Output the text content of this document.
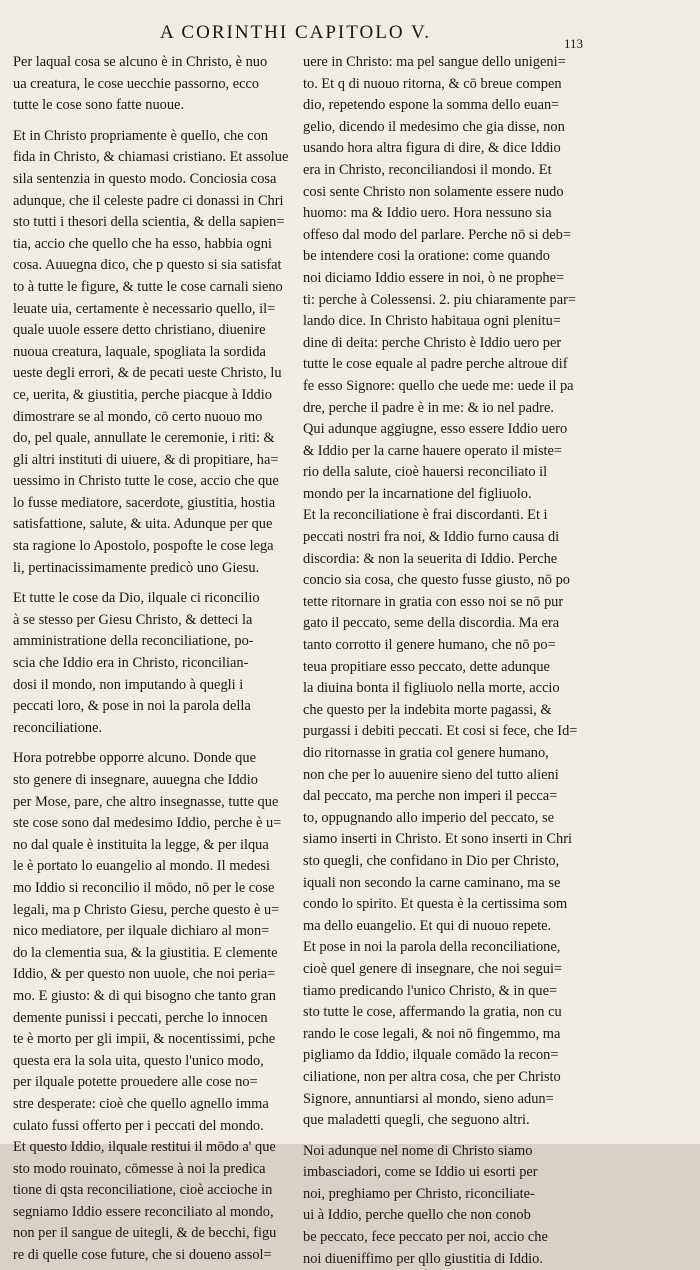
A CORINTHI CAPITOLO V.
113

Per laqual cosa se alcuno è in Christo, è nuo
ua creatura, le cose uecchie passorno, ecco
tutte le cose sono fatte nuoue.

Et in Christo propriamente è quello, che con
fida in Christo, & chiamasi cristiano. Et assolue
sila sentenzia in questo modo. Conciosia cosa
adunque, che il celeste padre ci donassi in Chri
sto tutti i thesori della scientia, & della sapien=
tia, accio che quello che ha esso, habbia ogni
cosa. Auuegna dico, che p questo si sia satisfat
to à tutte le figure, & tutte le cose carnali sieno
leuate uia, certamente è necessario quello, il=
quale uuole essere detto christiano, diuenire
nuoua creatura, laquale, spogliata la sordida
ueste degli errori, & de pecati ueste Christo, lu
ce, uerita, & giustitia, perche piacque à Iddio
dimostrare se al mondo, cō certo nuouo mo
do, pel quale, annullate le ceremonie, i riti: &
gli altri instituti di uiuere, & di propitiare, ha=
uessimo in Christo tutte le cose, accio che que
lo fusse mediatore, sacerdote, giustitia, hostia
satisfattione, salute, & uita. Adunque per que
sta ragione lo Apostolo, pospofte le cose lega
li, pertinacissimamente predicò uno Giesu.

Et tutte le cose da Dio, ilquale ci riconcilio
à se stesso per Giesu Christo, & detteci la
amministratione della reconciliatione, po-
scia che Iddio era in Christo, riconcilian-
dosi il mondo, non imputando à quegli i
peccati loro, & pose in noi la parola della
reconciliatione.

Hora potrebbe opporre alcuno. Donde que
sto genere di insegnare, auuegna che Iddio
per Mose, pare, che altro insegnasse, tutte que
ste cose sono dal medesimo Iddio, perche è u=
no dal quale è instituita la legge, & per ilqua
le è portato lo euangelio al mondo. Il medesi
mo Iddio si reconcilio il mōdo, nō per le cose
legali, ma p Christo Giesu, perche questo è u=
nico mediatore, per ilquale dichiaro al mon=
do la clementia sua, & la giustitia. E clemente
Iddio, & per questo non uuole, che noi peria=
mo. E giusto: & di qui bisogno che tanto gran
demente punissi i peccati, perche lo innocen
te è morto per gli impii, & nocentissimi, pche
questa era la sola uita, questo l'unico modo,
per ilquale potette prouedere alle cose no=
stre desperate: cioè che quello agnello imma
culato fussi offerto per i peccati del mondo.
Et questo Iddio, ilquale restitui il mōdo a' que
sto modo rouinato, cōmesse à noi la predica
tione di qsta reconciliatione, cioè accioche in
segniamo Iddio essere reconciliato al mondo,
non per il sangue de uitegli, & de becchi, figu
re di quelle cose future, che si doueno assol=

uere in Christo: ma pel sangue dello unigeni=
to. Et q di nuouo ritorna, & cō breue compen
dio, repetendo espone la somma dello euan=
gelio, dicendo il medesimo che gia disse, non
usando hora altra figura di dire, & dice Iddio
era in Christo, reconciliandosi il mondo. Et
cosi sente Christo non solamente essere nudo
huomo: ma & Iddio uero. Hora nessuno sia
offeso dal modo del parlare. Perche nō si deb=
be intendere cosi la oratione: come quando
noi diciamo Iddio essere in noi, ò ne prophe=
ti: perche à Colessensi. 2. piu chiaramente par=
lando dice. In Christo habitaua ogni plenitu=
dine di deita: perche Christo è Iddio uero per
tutte le cose equale al padre perche altroue dif
fe esso Signore: quello che uede me: uede il pa
dre, perche il padre è in me: & io nel padre.
Qui adunque aggiugne, esso essere Iddio uero
& Iddio per la carne hauere operato il miste=
rio della salute, cioè hauersi reconciliato il
mondo per la incarnatione del figliuolo.
Et la reconciliatione è frai discordanti. Et i
peccati nostri fra noi, & Iddio furno causa di
discordia: & non la seuerita di Iddio. Perche
concio sia cosa, che questo fusse giusto, nō po
tette ritornare in gratia con esso noi se nō pur
gato il peccato, seme della discordia. Ma era
tanto corrotto il genere humano, che nō po=
teua propitiare esso peccato, dette adunque
la diuina bonta il figliuolo nella morte, accio
che questo per la indebita morte pagassi, &
purgassi i debiti peccati. Et cosi si fece, che Id=
dio ritornasse in gratia col genere humano,
non che per lo auuenire sieno del tutto alieni
dal peccato, ma perche non imperi il pecca=
to, oppugnando allo imperio del peccato, se
siamo inserti in Christo. Et sono inserti in Chri
sto quegli, che confidano in Dio per Christo,
iquali non secondo la carne caminano, ma se
condo lo spirito. Et questa è la certissima som
ma dello euangelio. Et qui di nuouo repete.
Et pose in noi la parola della reconciliatione,
cioè quel genere di insegnare, che noi segui=
tiamo predicando l'unico Christo, & in que=
sto tutte le cose, affermando la gratia, non cu
rando le cose legali, & noi nō fingemmo, ma
pigliamo da Iddio, ilquale comādo la recon=
ciliatione, non per altra cosa, che per Christo
Signore, annuntiarsi al mondo, sieno adun=
que maladetti quegli, che seguono altri.

Noi adunque nel nome di Christo siamo
imbasciadori, come se Iddio ui esorti per
noi, preghiamo per Christo, riconciliate-
ui à Iddio, perche quello che non conob
be peccato, fece peccato per noi, accio che
noi diueniffimo per qllo giustitia di Iddio.
